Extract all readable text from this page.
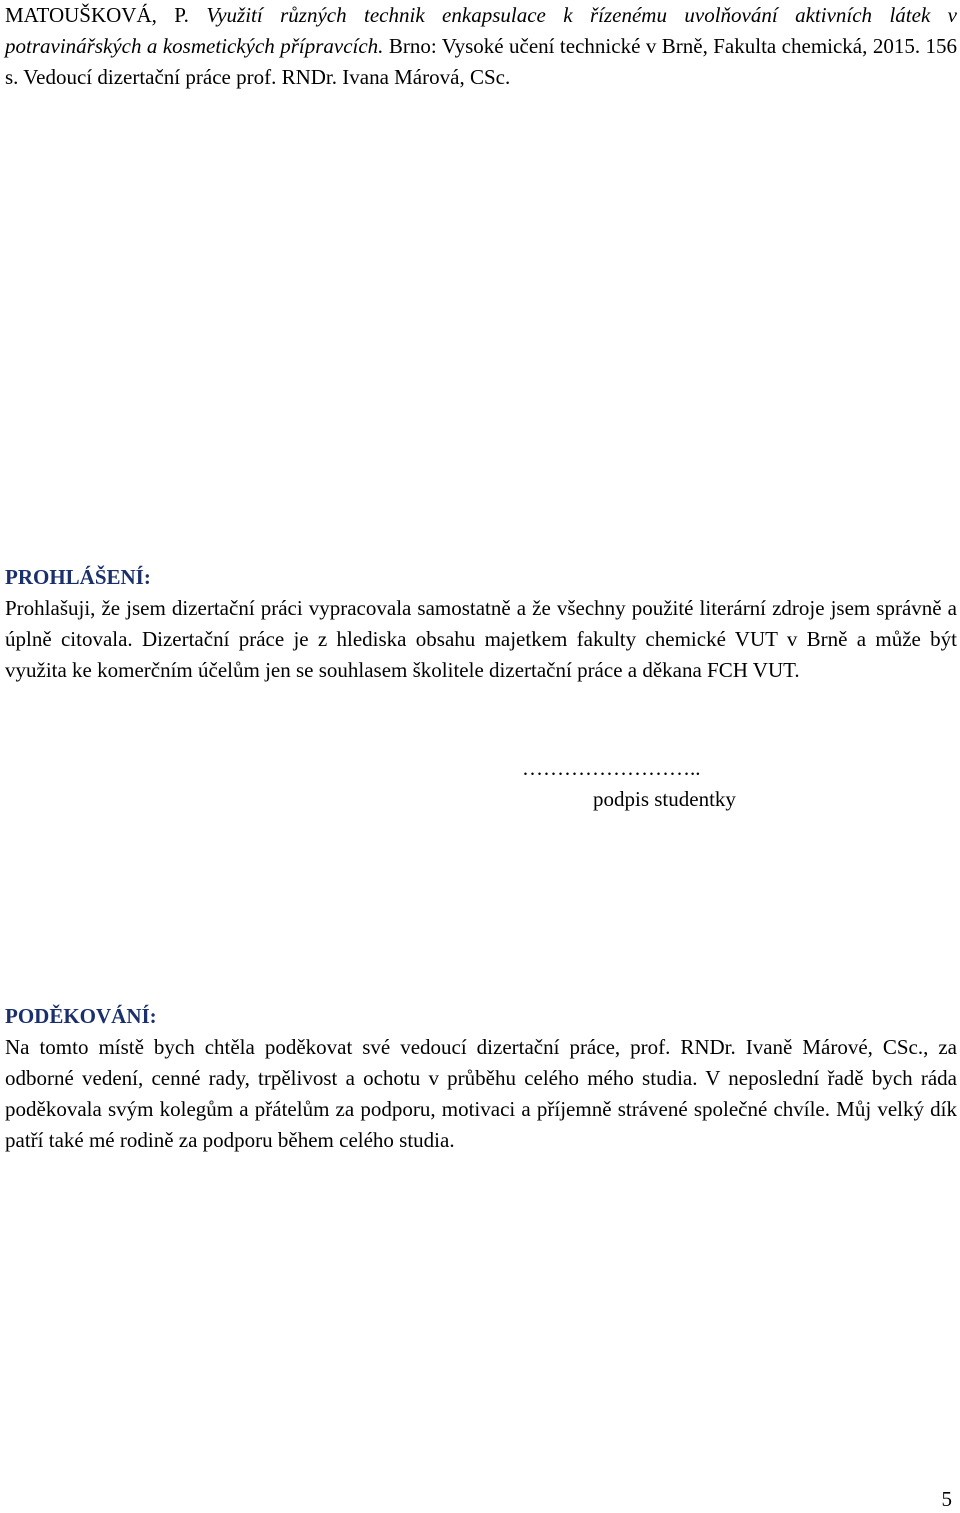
MATOUŠKOVÁ, P. Využití různých technik enkapsulace k řízenému uvolňování aktivních látek v potravinářských a kosmetických přípravcích. Brno: Vysoké učení technické v Brně, Fakulta chemická, 2015. 156 s. Vedoucí dizertační práce prof. RNDr. Ivana Márová, CSc.

PROHLÁŠENÍ:

Prohlašuji, že jsem dizertační práci vypracovala samostatně a že všechny použité literární zdroje jsem správně a úplně citovala. Dizertační práce je z hlediska obsahu majetkem fakulty chemické VUT v Brně a může být využita ke komerčním účelům jen se souhlasem školitele dizertační práce a děkana FCH VUT.

……………………..

podpis studentky

PODĚKOVÁNÍ:

Na tomto místě bych chtěla poděkovat své vedoucí dizertační práce, prof. RNDr. Ivaně Márové, CSc., za odborné vedení, cenné rady, trpělivost a ochotu v průběhu celého mého studia. V neposlední řadě bych ráda poděkovala svým kolegům a přátelům za podporu, motivaci a příjemně strávené společné chvíle. Můj velký dík patří také mé rodině za podporu během celého studia.

5
